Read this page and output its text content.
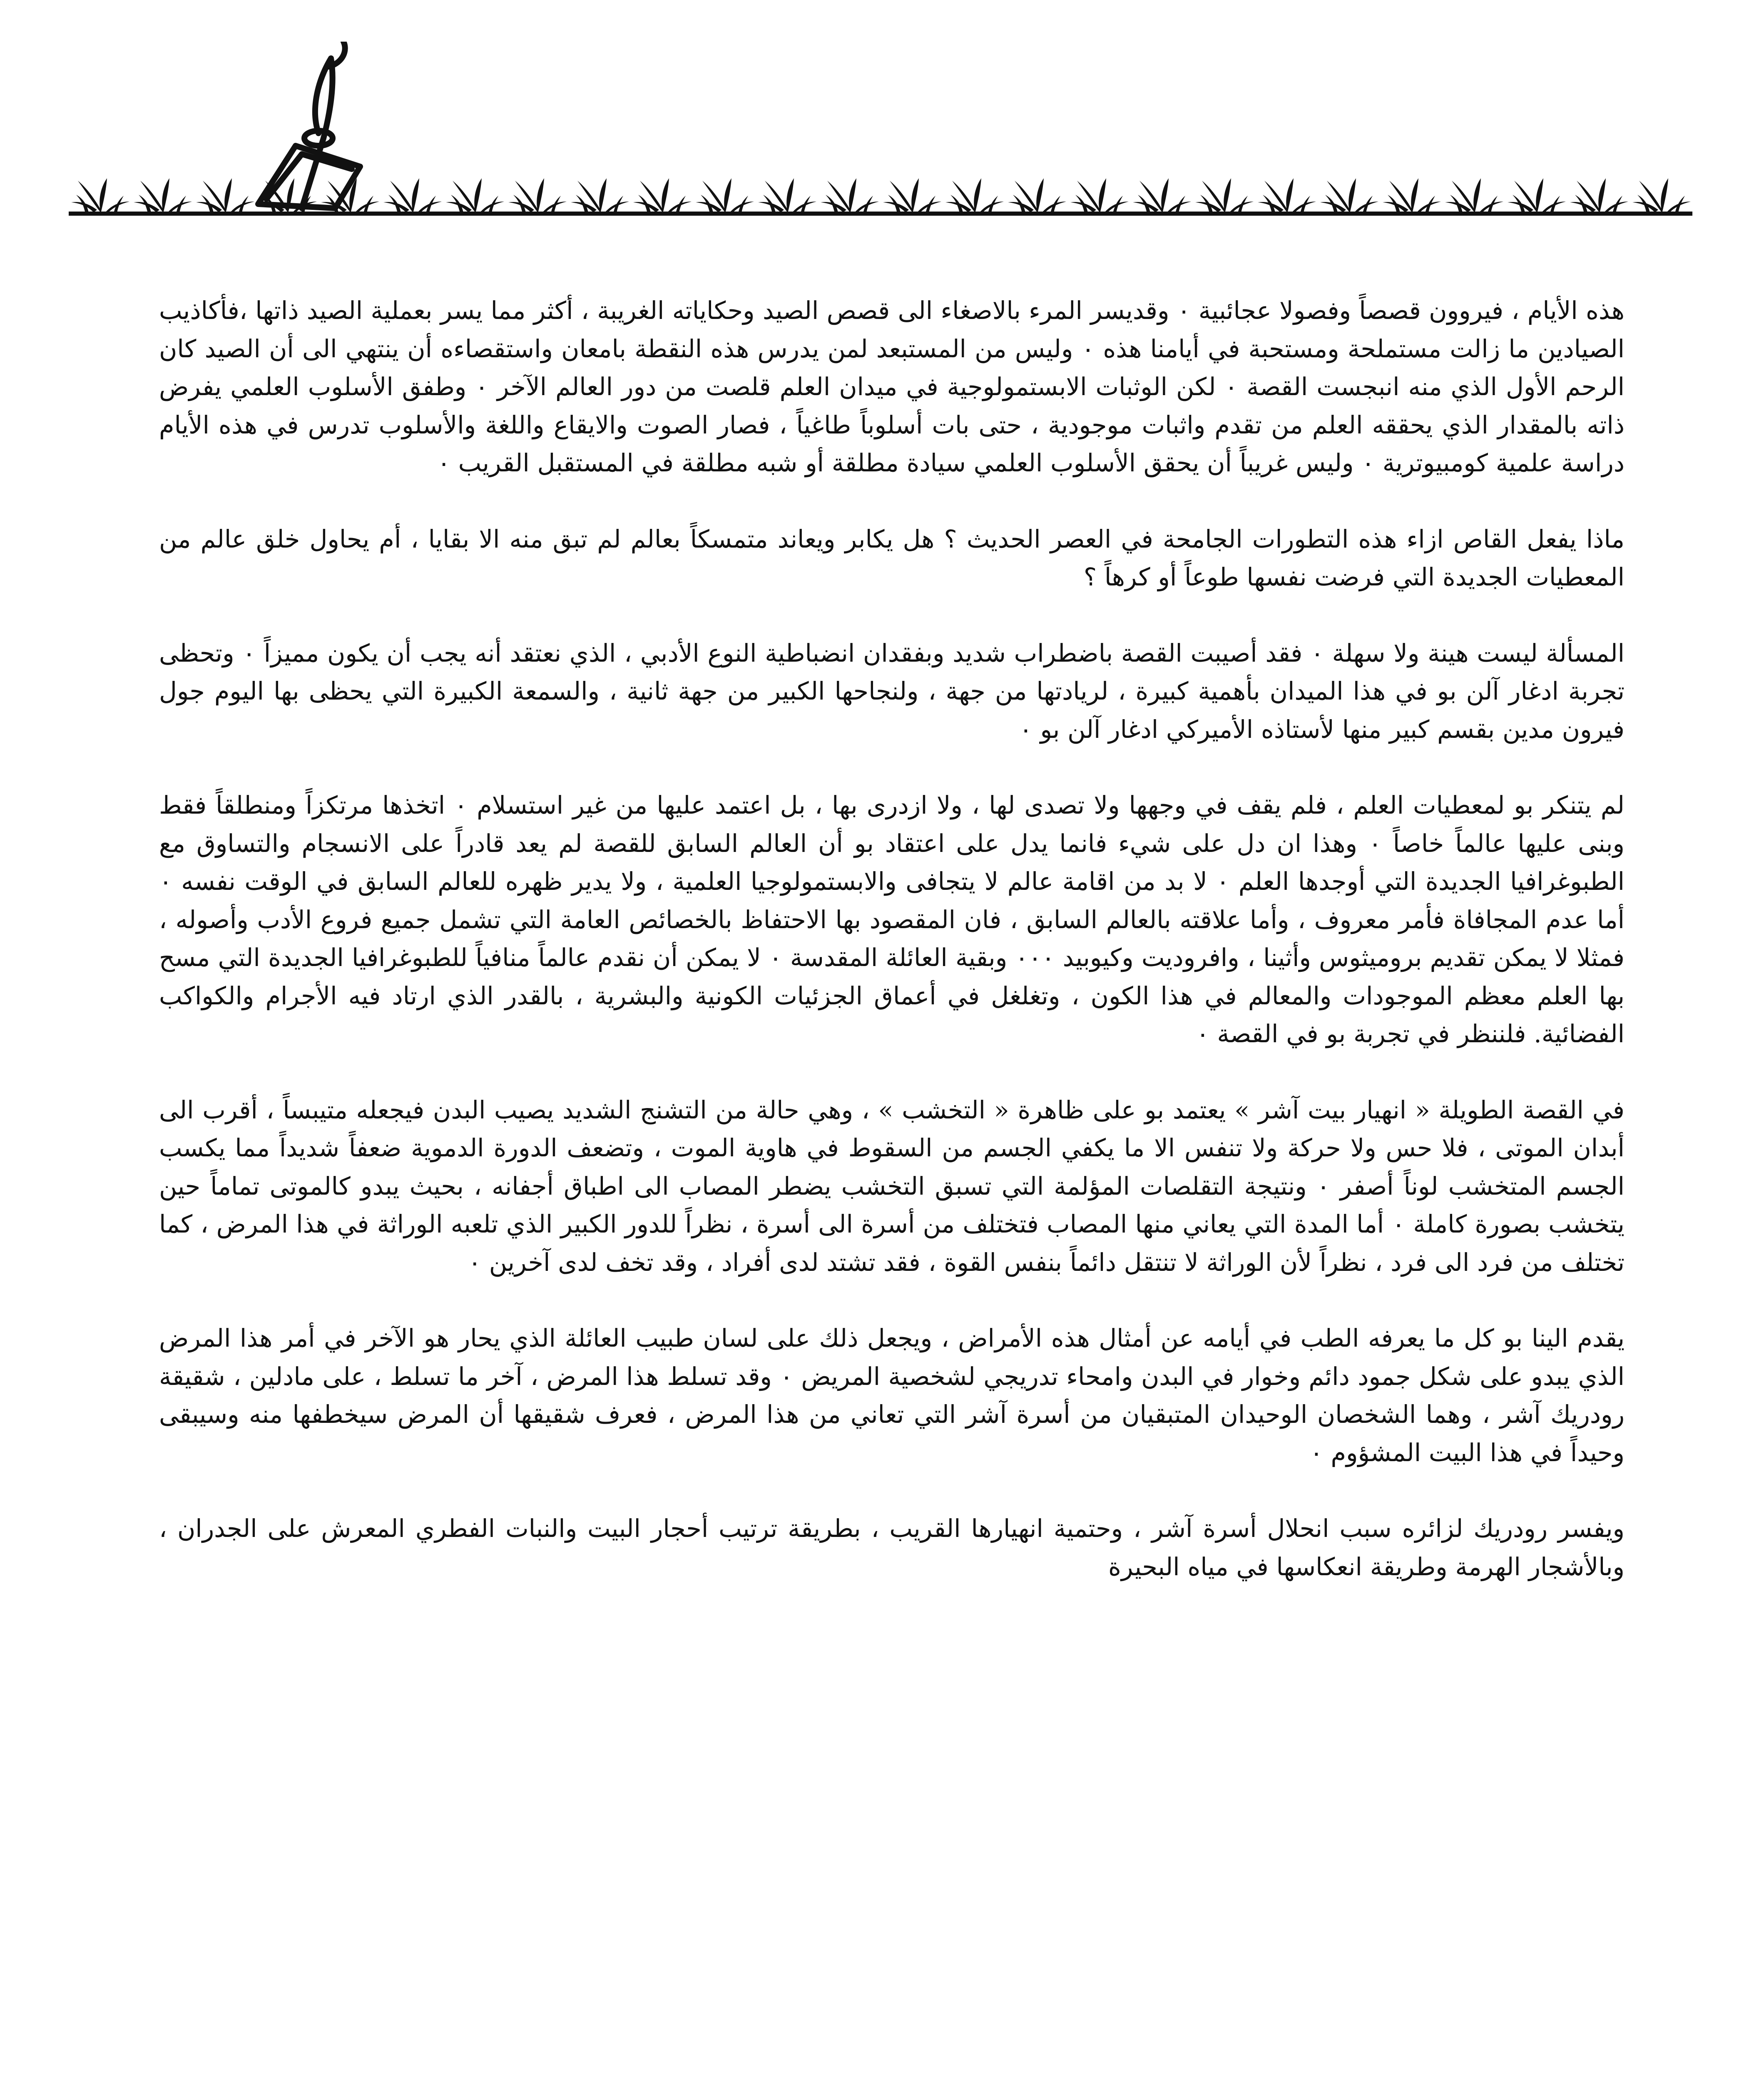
هذه الأيام ، فيروون قصصاً وفصولا عجائبية ٠ وقديسر المرء بالاصغاء الى قصص الصيد وحكاياته الغريبة ، أكثر مما يسر بعملية الصيد ذاتها ،فأكاذيب الصيادين ما زالت مستملحة ومستحبة في أيامنا هذه ٠ وليس من المستبعد لمن يدرس هذه النقطة بامعان واستقصاءه أن ينتهي الى أن الصيد كان الرحم الأول الذي منه انبجست القصة ٠ لكن الوثبات الابستمولوجية في ميدان العلم قلصت من دور العالم الآخر ٠ وطفق الأسلوب العلمي يفرض ذاته بالمقدار الذي يحققه العلم من تقدم واثبات موجودية ، حتى بات أسلوباً طاغياً ، فصار الصوت والايقاع واللغة والأسلوب تدرس في هذه الأيام دراسة علمية كومبيوترية ٠ وليس غريباً أن يحقق الأسلوب العلمي سيادة مطلقة أو شبه مطلقة في المستقبل القريب ٠

ماذا يفعل القاص ازاء هذه التطورات الجامحة في العصر الحديث ؟ هل يكابر ويعاند متمسكاً بعالم لم تبق منه الا بقايا ، أم يحاول خلق عالم من المعطيات الجديدة التي فرضت نفسها طوعاً أو كرهاً ؟

المسألة ليست هينة ولا سهلة ٠ فقد أصيبت القصة باضطراب شديد وبفقدان انضباطية النوع الأدبي ، الذي نعتقد أنه يجب أن يكون مميزاً ٠ وتحظى تجربة ادغار آلن بو في هذا الميدان بأهمية كبيرة ، لريادتها من جهة ، ولنجاحها الكبير من جهة ثانية ، والسمعة الكبيرة التي يحظى بها اليوم جول فيرون مدين بقسم كبير منها لأستاذه الأميركي ادغار آلن بو ٠

لم يتنكر بو لمعطيات العلم ، فلم يقف في وجهها ولا تصدى لها ، ولا ازدرى بها ، بل اعتمد عليها من غير استسلام ٠ اتخذها مرتكزاً ومنطلقاً فقط وبنى عليها عالماً خاصاً ٠ وهذا ان دل على شيء فانما يدل على اعتقاد بو أن العالم السابق للقصة لم يعد قادراً على الانسجام والتساوق مع الطبوغرافيا الجديدة التي أوجدها العلم ٠ لا بد من اقامة عالم لا يتجافى والابستمولوجيا العلمية ، ولا يدير ظهره للعالم السابق في الوقت نفسه ٠ أما عدم المجافاة فأمر معروف ، وأما علاقته بالعالم السابق ، فان المقصود بها الاحتفاظ بالخصائص العامة التي تشمل جميع فروع الأدب وأصوله ، فمثلا لا يمكن تقديم بروميثوس وأثينا ، وافروديت وكيوبيد ٠٠٠ وبقية العائلة المقدسة ٠ لا يمكن أن نقدم عالماً منافياً للطبوغرافيا الجديدة التي مسح بها العلم معظم الموجودات والمعالم في هذا الكون ، وتغلغل في أعماق الجزئيات الكونية والبشرية ، بالقدر الذي ارتاد فيه الأجرام والكواكب الفضائية. فلننظر في تجربة بو في القصة ٠

في القصة الطويلة « انهيار بيت آشر » يعتمد بو على ظاهرة « التخشب » ، وهي حالة من التشنج الشديد يصيب البدن فيجعله متيبساً ، أقرب الى أبدان الموتى ، فلا حس ولا حركة ولا تنفس الا ما يكفي الجسم من السقوط في هاوية الموت ، وتضعف الدورة الدموية ضعفاً شديداً مما يكسب الجسم المتخشب لوناً أصفر ٠ ونتيجة التقلصات المؤلمة التي تسبق التخشب يضطر المصاب الى اطباق أجفانه ، بحيث يبدو كالموتى تماماً حين يتخشب بصورة كاملة ٠ أما المدة التي يعاني منها المصاب فتختلف من أسرة الى أسرة ، نظراً للدور الكبير الذي تلعبه الوراثة في هذا المرض ، كما تختلف من فرد الى فرد ، نظراً لأن الوراثة لا تنتقل دائماً بنفس القوة ، فقد تشتد لدى أفراد ، وقد تخف لدى آخرين ٠

يقدم الينا بو كل ما يعرفه الطب في أيامه عن أمثال هذه الأمراض ، ويجعل ذلك على لسان طبيب العائلة الذي يحار هو الآخر في أمر هذا المرض الذي يبدو على شكل جمود دائم وخوار في البدن وامحاء تدريجي لشخصية المريض ٠ وقد تسلط هذا المرض ، آخر ما تسلط ، على مادلين ، شقيقة رودريك آشر ، وهما الشخصان الوحيدان المتبقيان من أسرة آشر التي تعاني من هذا المرض ، فعرف شقيقها أن المرض سيخطفها منه وسيبقى وحيداً في هذا البيت المشؤوم ٠

ويفسر رودريك لزائره سبب انحلال أسرة آشر ، وحتمية انهيارها القريب ، بطريقة ترتيب أحجار البيت والنبات الفطري المعرش على الجدران ، وبالأشجار الهرمة وطريقة انعكاسها في مياه البحيرة
